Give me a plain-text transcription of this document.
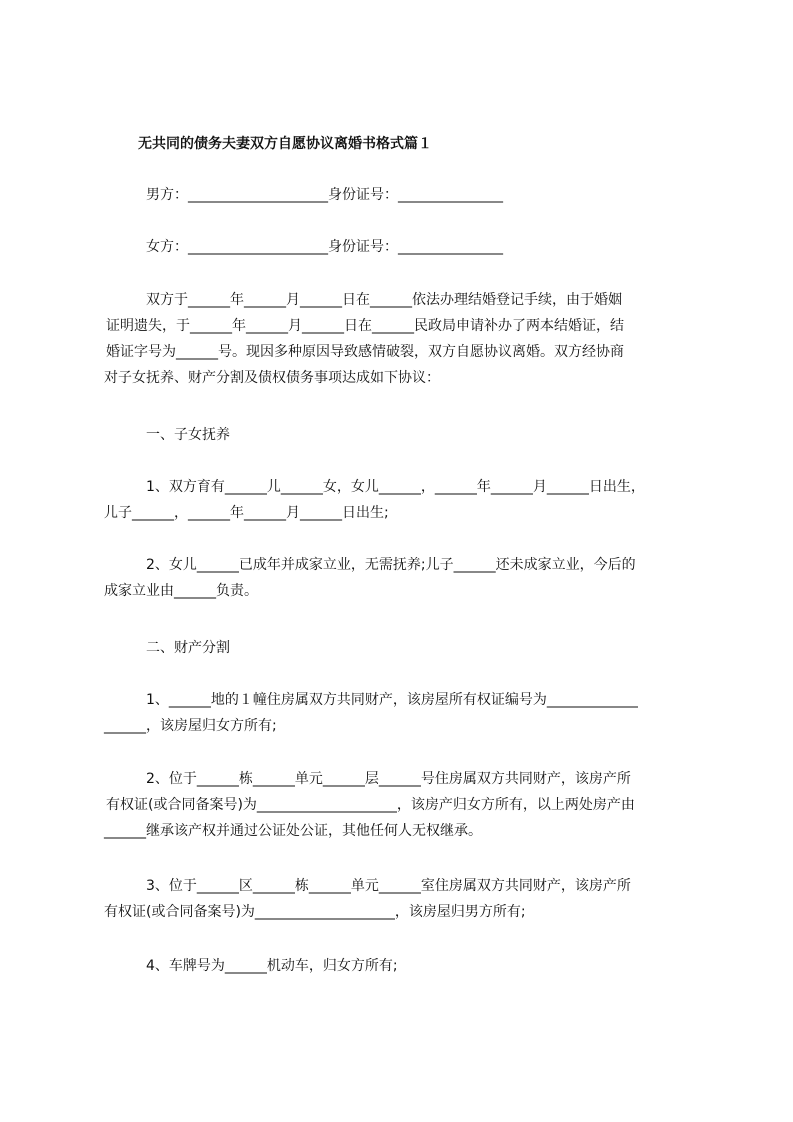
无共同的债务夫妻双方自愿协议离婚书格式篇１
男方：____________________身份证号：_______________
女方：____________________身份证号：_______________
双方于______年______月______日在______依法办理结婚登记手续，由于婚姻
证明遗失，于______年______月______日在______民政局申请补办了两本结婚证，结
婚证字号为______号。现因多种原因导致感情破裂，双方自愿协议离婚。双方经协商
对子女抚养、财产分割及债权债务事项达成如下协议：
一、子女抚养
1、双方育有______儿______女，女儿______，______年______月______日出生，
儿子______，______年______月______日出生;
2、女儿______已成年并成家立业，无需抚养;儿子______还未成家立业，今后的
成家立业由______负责。
二、财产分割
1、______地的１幢住房属双方共同财产，该房屋所有权证编号为_____________
______，该房屋归女方所有;
2、位于______栋______单元______层______号住房属双方共同财产，该房产所
有权证(或合同备案号)为____________________，该房产归女方所有，以上两处房产由
______继承该产权并通过公证处公证，其他任何人无权继承。
3、位于______区______栋______单元______室住房属双方共同财产，该房产所
有权证(或合同备案号)为____________________，该房屋归男方所有;
4、车牌号为______机动车，归女方所有;
